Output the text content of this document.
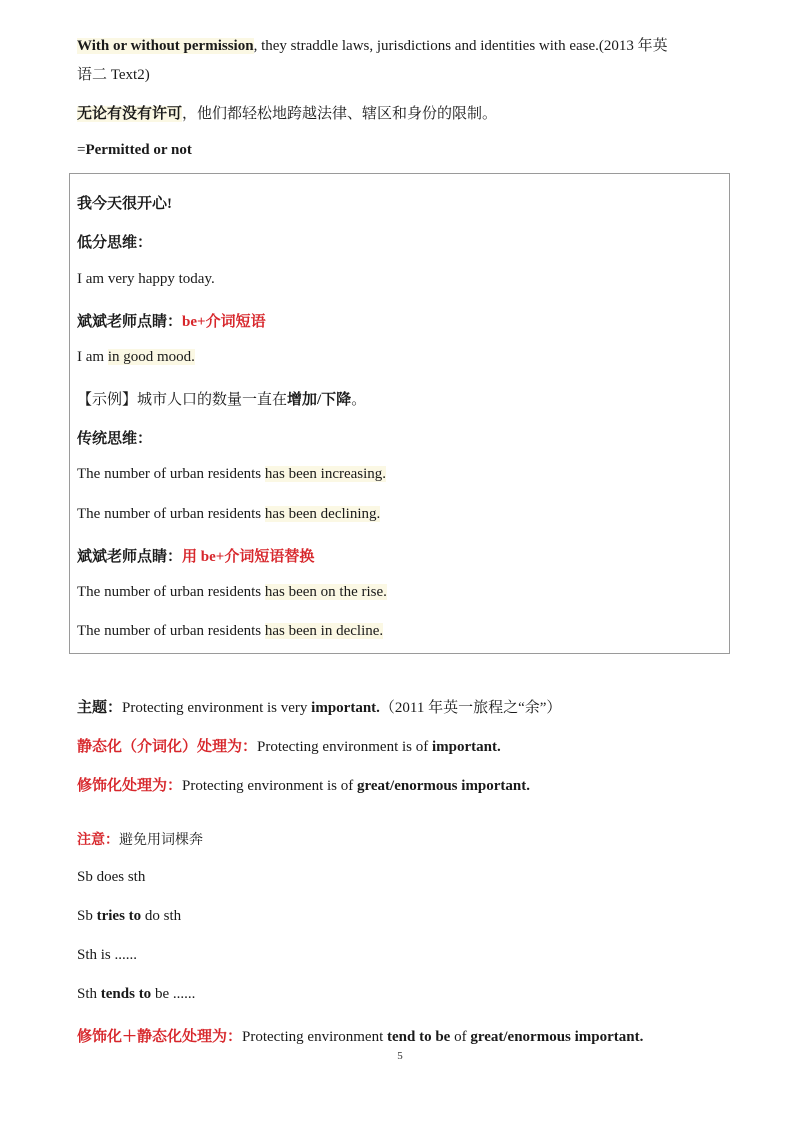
With or without permission, they straddle laws, jurisdictions and identities with ease.(2013 年英
语二 Text2)
无论有没有许可，他们都轻松地跨越法律、辖区和身份的限制。
=Permitted or not
我今天很开心!
低分思维：
I am very happy today.
斌斌老师点睛：be+介词短语
I am in good mood.
【示例】城市人口的数量一直在增加/下降。
传统思维：
The number of urban residents has been increasing.
The number of urban residents has been declining.
斌斌老师点睛：用 be+介词短语替换
The number of urban residents has been on the rise.
The number of urban residents has been in decline.
主题：Protecting environment is very important.（2011 年英一旅程之“余”）
静态化（介词化）处理为：Protecting environment is of important.
修饰化处理为：Protecting environment is of great/enormous important.
注意：避免用词棵奔
Sb does sth
Sb tries to do sth
Sth is ......
Sth tends to be ......
修饰化＋静态化处理为：Protecting environment tend to be of great/enormous important.
5
